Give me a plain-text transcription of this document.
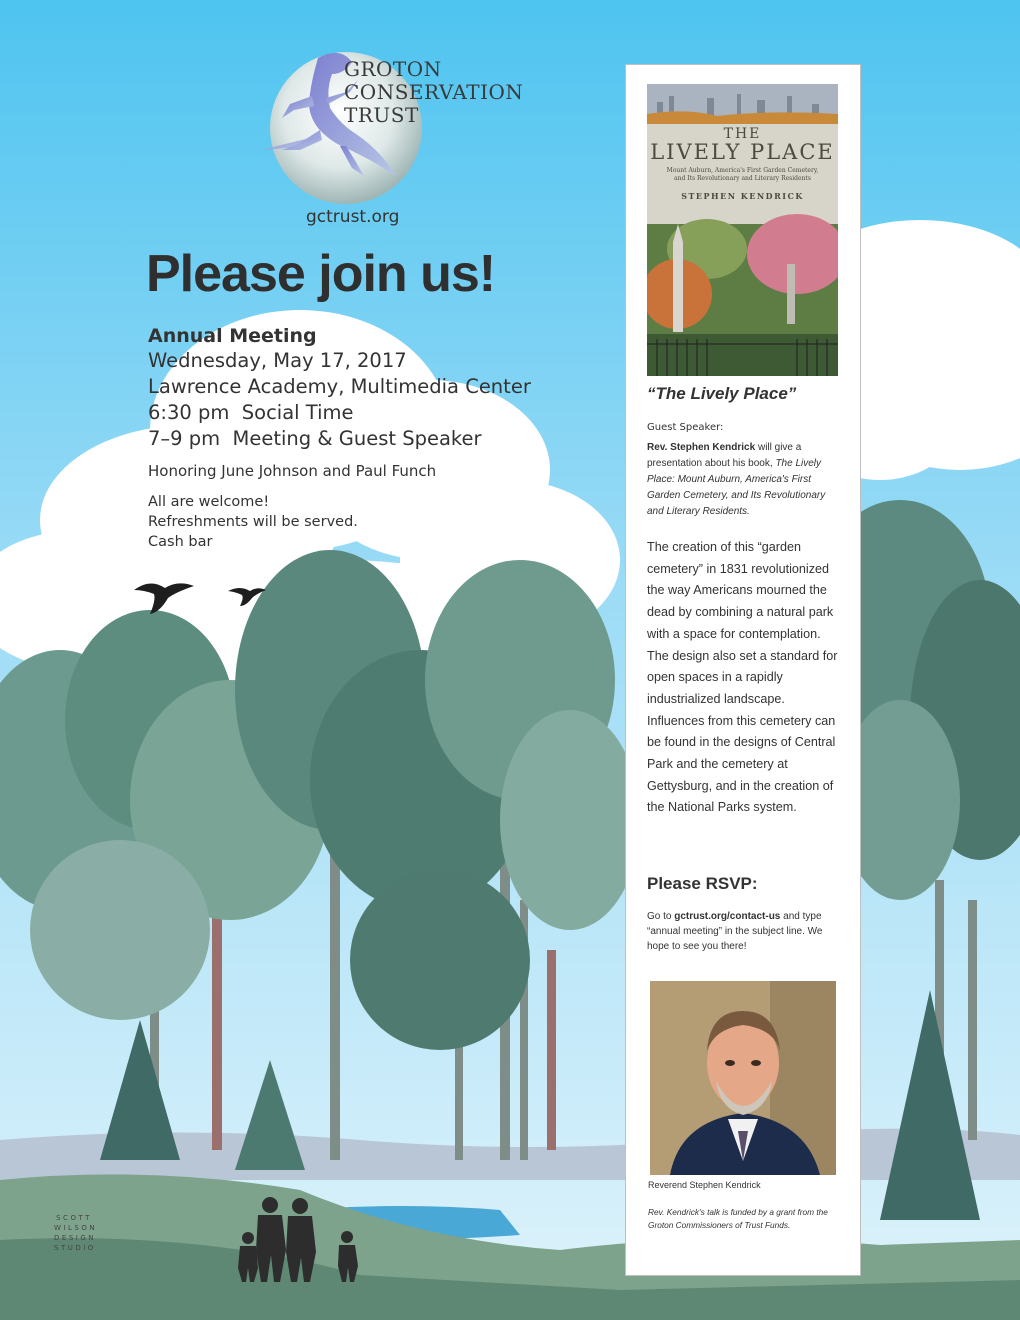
GROTON
CONSERVATION
TRUST
gctrust.org
Please join us!
Annual Meeting
Wednesday, May 17, 2017
Lawrence Academy, Multimedia Center
6:30 pm  Social Time
7–9 pm  Meeting & Guest Speaker
Honoring June Johnson and Paul Funch
All are welcome!
Refreshments will be served.
Cash bar
THE
LIVELY PLACE
Mount Auburn, America's First Garden Cemetery, and Its Revolutionary and Literary Residents
STEPHEN KENDRICK
“The Lively Place”
Guest Speaker:
Rev. Stephen Kendrick will give a presentation about his book, The Lively Place: Mount Auburn, America's First Garden Cemetery, and Its Revolutionary and Literary Residents.
The creation of this “garden cemetery” in 1831 revolutionized the way Americans mourned the dead by combining a natural park with a space for contemplation. The design also set a standard for open spaces in a rapidly industrialized landscape. Influences from this cemetery can be found in the designs of Central Park and the cemetery at Gettysburg, and in the creation of the National Parks system.
Please RSVP:
Go to gctrust.org/contact-us and type “annual meeting” in the subject line. We hope to see you there!
Reverend Stephen Kendrick
Rev. Kendrick's talk is funded by a grant from the Groton Commissioners of Trust Funds.
SCOTT
WILSON
DESIGN
STUDIO
